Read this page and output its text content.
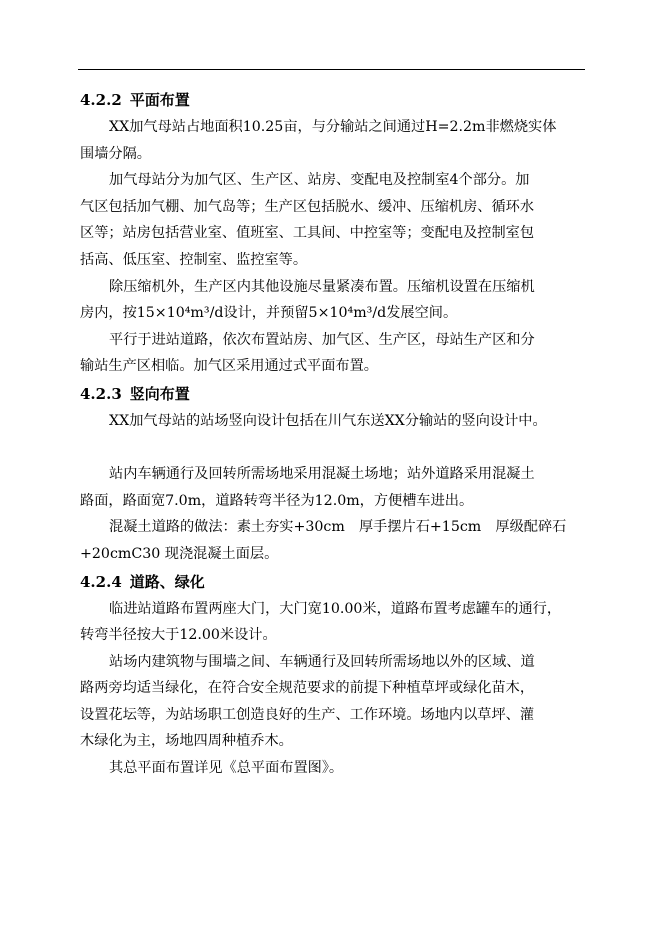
4.2.2 平面布置

XX加气母站占地面积10.25亩，与分输站之间通过H=2.2m非燃烧实体
围墙分隔。

加气母站分为加气区、生产区、站房、变配电及控制室4个部分。加
气区包括加气棚、加气岛等；生产区包括脱水、缓冲、压缩机房、循环水
区等；站房包括营业室、值班室、工具间、中控室等；变配电及控制室包
括高、低压室、控制室、监控室等。

除压缩机外，生产区内其他设施尽量紧凑布置。压缩机设置在压缩机
房内，按15×10⁴m³/d设计，并预留5×10⁴m³/d发展空间。

平行于进站道路，依次布置站房、加气区、生产区，母站生产区和分
输站生产区相临。加气区采用通过式平面布置。

4.2.3 竖向布置

XX加气母站的站场竖向设计包括在川气东送XX分输站的竖向设计中。

站内车辆通行及回转所需场地采用混凝土场地；站外道路采用混凝土
路面，路面宽7.0m，道路转弯半径为12.0m，方便槽车进出。

混凝土道路的做法：素土夯实+30cm　厚手摆片石+15cm　厚级配碎石
+20cmC30 现浇混凝土面层。

4.2.4 道路、绿化

临进站道路布置两座大门，大门宽10.00米，道路布置考虑罐车的通行，
转弯半径按大于12.00米设计。

站场内建筑物与围墙之间、车辆通行及回转所需场地以外的区域、道
路两旁均适当绿化，在符合安全规范要求的前提下种植草坪或绿化苗木，
设置花坛等，为站场职工创造良好的生产、工作环境。场地内以草坪、灌
木绿化为主，场地四周种植乔木。

其总平面布置详见《总平面布置图》。
